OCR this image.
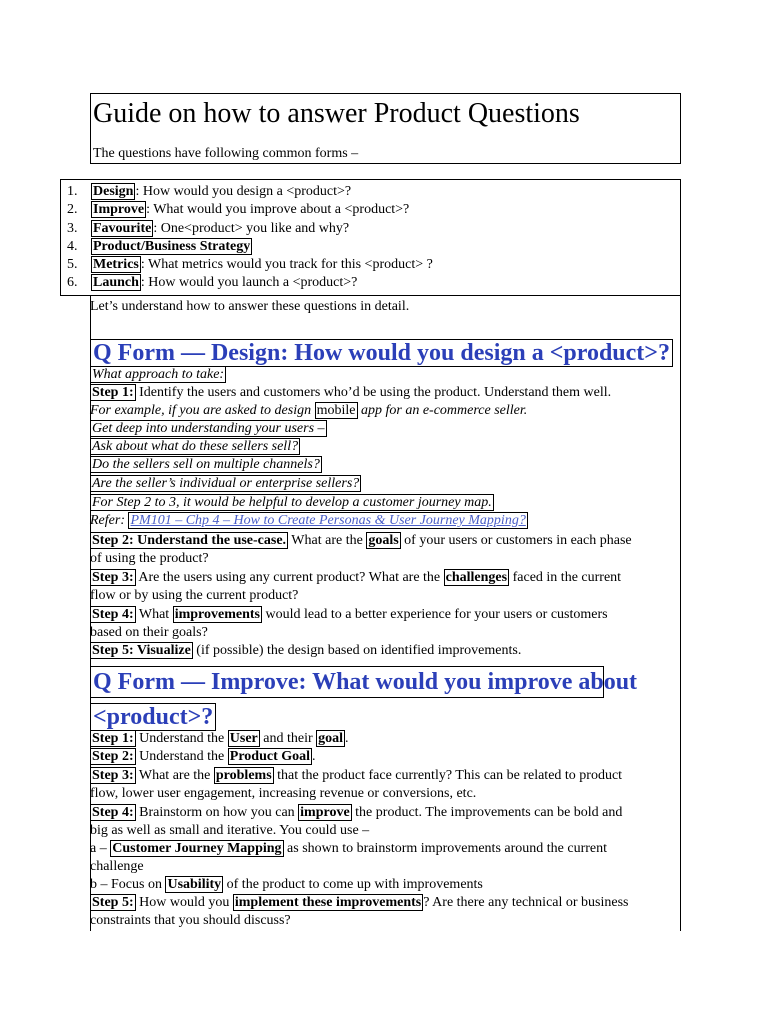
Guide on how to answer Product Questions
The questions have following common forms –
1. Design : How would you design a <product>?
2. Improve : What would you improve about a <product>?
3. Favourite : One<product> you like and why?
4. Product/Business Strategy
5. Metrics : What metrics would you track for this <product> ?
6. Launch : How would you launch a <product>?
Let’s understand how to answer these questions in detail.
Q Form — Design: How would you design a <product>?
What approach to take:
Step 1: Identify the users and customers who’d be using the product. Understand them well.
For example, if you are asked to design mobile app for an e-commerce seller.
Get deep into understanding your users –
Ask about what do these sellers sell?
Do the sellers sell on multiple channels?
Are the seller’s individual or enterprise sellers?
For Step 2 to 3, it would be helpful to develop a customer journey map.
Refer: PM101 – Chp 4 – How to Create Personas & User Journey Mapping?
Step 2: Understand the use-case. What are the goals of your users or customers in each phase
of using the product?
Step 3: Are the users using any current product? What are the challenges faced in the current
flow or by using the current product?
Step 4: What improvements would lead to a better experience for your users or customers
based on their goals?
Step 5: Visualize (if possible) the design based on identified improvements.
Q Form — Improve: What would you improve about
<product>?
Step 1: Understand the User and their goal .
Step 2: Understand the Product Goal .
Step 3: What are the problems that the product face currently? This can be related to product
flow, lower user engagement, increasing revenue or conversions, etc.
Step 4: Brainstorm on how you can improve the product. The improvements can be bold and
big as well as small and iterative. You could use –
a – Customer Journey Mapping as shown to brainstorm improvements around the current
challenge
b – Focus on Usability of the product to come up with improvements
Step 5: How would you implement these improvements ? Are there any technical or business
constraints that you should discuss?
